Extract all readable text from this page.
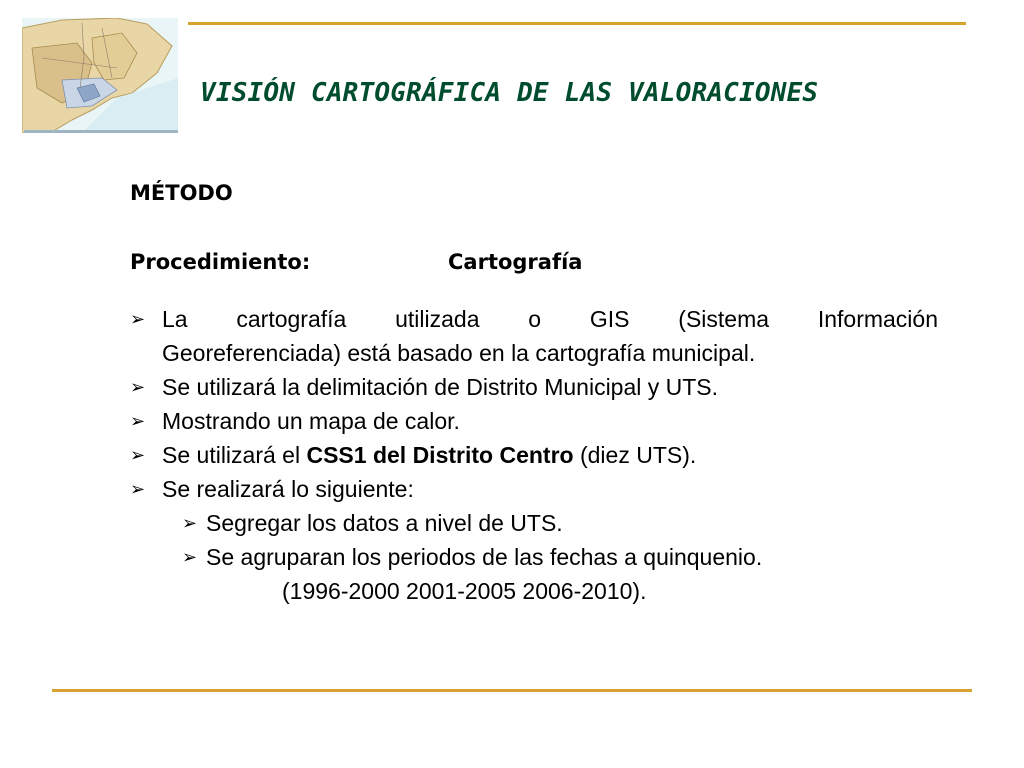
VISIÓN CARTOGRÁFICA DE LAS VALORACIONES
MÉTODO
Procedimiento:	Cartografía
➢ La cartografía utilizada o GIS (Sistema Información
Georeferenciada) está basado en la cartografía municipal.
➢ Se utilizará la delimitación de Distrito Municipal y UTS.
➢ Mostrando un mapa de calor.
➢ Se utilizará el CSS1 del Distrito Centro (diez UTS).
➢ Se realizará lo siguiente:
➢ Segregar los datos a nivel de UTS.
➢ Se agruparan los periodos de las fechas a quinquenio.
(1996-2000 2001-2005 2006-2010).
